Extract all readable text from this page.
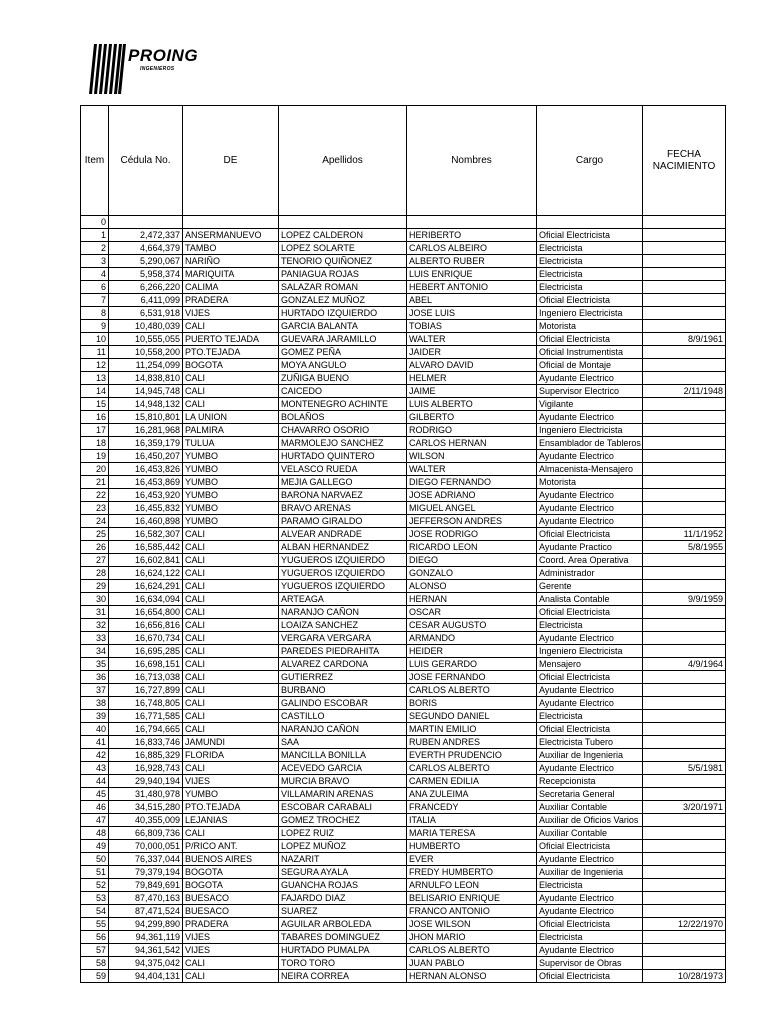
PROING
INGENIEROS
Item	Cédula No.	DE	Apellidos	Nombres	Cargo	FECHA NACIMIENTO
0						
1	2,472,337	ANSERMANUEVO	LOPEZ CALDERON	HERIBERTO	Oficial Electricista	
2	4,664,379	TAMBO	LOPEZ SOLARTE	CARLOS ALBEIRO	Electricista	
3	5,290,067	NARIÑO	TENORIO QUIÑONEZ	ALBERTO RUBER	Electricista	
4	5,958,374	MARIQUITA	PANIAGUA ROJAS	LUIS ENRIQUE	Electricista	
6	6,266,220	CALIMA	SALAZAR ROMAN	HEBERT ANTONIO	Electricista	
7	6,411,099	PRADERA	GONZALEZ MUÑOZ	ABEL	Oficial Electricista	
8	6,531,918	VIJES	HURTADO IZQUIERDO	JOSE LUIS	Ingeniero Electricista	
9	10,480,039	CALI	GARCIA BALANTA	TOBIAS	Motorista	
10	10,555,055	PUERTO TEJADA	GUEVARA JARAMILLO	WALTER	Oficial Electricista	8/9/1961
11	10,558,200	PTO.TEJADA	GOMEZ PEÑA	JAIDER	Oficial Instrumentista	
12	11,254,099	BOGOTA	MOYA ANGULO	ALVARO DAVID	Oficial de Montaje	
13	14,838,810	CALI	ZUÑIGA BUENO	HELMER	Ayudante Electrico	
14	14,945,748	CALI	CAICEDO	JAIME	Supervisor Electrico	2/11/1948
15	14,948,132	CALI	MONTENEGRO ACHINTE	LUIS ALBERTO	Vigilante	
16	15,810,801	LA UNION	BOLAÑOS	GILBERTO	Ayudante Electrico	
17	16,281,968	PALMIRA	CHAVARRO OSORIO	RODRIGO	Ingeniero Electricista	
18	16,359,179	TULUA	MARMOLEJO SANCHEZ	CARLOS HERNAN	Ensamblador de Tableros	
19	16,450,207	YUMBO	HURTADO QUINTERO	WILSON	Ayudante Electrico	
20	16,453,826	YUMBO	VELASCO RUEDA	WALTER	Almacenista-Mensajero	
21	16,453,869	YUMBO	MEJIA GALLEGO	DIEGO FERNANDO	Motorista	
22	16,453,920	YUMBO	BARONA NARVAEZ	JOSE ADRIANO	Ayudante Electrico	
23	16,455,832	YUMBO	BRAVO ARENAS	MIGUEL ANGEL	Ayudante Electrico	
24	16,460,898	YUMBO	PARAMO GIRALDO	JEFFERSON ANDRES	Ayudante Electrico	
25	16,582,307	CALI	ALVEAR ANDRADE	JOSE RODRIGO	Oficial Electricista	11/1/1952
26	16,585,442	CALI	ALBAN HERNANDEZ	RICARDO LEON	Ayudante Practico	5/8/1955
27	16,602,841	CALI	YUGUEROS IZQUIERDO	DIEGO	Coord. Area Operativa	
28	16,624,122	CALI	YUGUEROS IZQUIERDO	GONZALO	Administrador	
29	16,624,291	CALI	YUGUEROS IZQUIERDO	ALONSO	Gerente	
30	16,634,094	CALI	ARTEAGA	HERNAN	Analista Contable	9/9/1959
31	16,654,800	CALI	NARANJO CAÑON	OSCAR	Oficial Electricista	
32	16,656,816	CALI	LOAIZA SANCHEZ	CESAR AUGUSTO	Electricista	
33	16,670,734	CALI	VERGARA VERGARA	ARMANDO	Ayudante Electrico	
34	16,695,285	CALI	PAREDES PIEDRAHITA	HEIDER	Ingeniero Electricista	
35	16,698,151	CALI	ALVAREZ CARDONA	LUIS GERARDO	Mensajero	4/9/1964
36	16,713,038	CALI	GUTIERREZ	JOSE FERNANDO	Oficial Electricista	
37	16,727,899	CALI	BURBANO	CARLOS ALBERTO	Ayudante Electrico	
38	16,748,805	CALI	GALINDO ESCOBAR	BORIS	Ayudante Electrico	
39	16,771,585	CALI	CASTILLO	SEGUNDO DANIEL	Electricista	
40	16,794,665	CALI	NARANJO CAÑON	MARTIN EMILIO	Oficial Electricista	
41	16,833,746	JAMUNDI	SAA	RUBEN ANDRES	Electricista Tubero	
42	16,885,329	FLORIDA	MANCILLA BONILLA	EVERTH PRUDENCIO	Auxiliar de Ingenieria	
43	16,928,743	CALI	ACEVEDO GARCIA	CARLOS ALBERTO	Ayudante Electrico	5/5/1981
44	29,940,194	VIJES	MURCIA BRAVO	CARMEN EDILIA	Recepcionista	
45	31,480,978	YUMBO	VILLAMARIN ARENAS	ANA ZULEIMA	Secretaria General	
46	34,515,280	PTO.TEJADA	ESCOBAR CARABALI	FRANCEDY	Auxiliar Contable	3/20/1971
47	40,355,009	LEJANIAS	GOMEZ TROCHEZ	ITALIA	Auxiliar de Oficios Varios	
48	66,809,736	CALI	LOPEZ RUIZ	MARIA TERESA	Auxiliar Contable	
49	70,000,051	P/RICO ANT.	LOPEZ MUÑOZ	HUMBERTO	Oficial Electricista	
50	76,337,044	BUENOS AIRES	NAZARIT	EVER	Ayudante Electrico	
51	79,379,194	BOGOTA	SEGURA AYALA	FREDY HUMBERTO	Auxiliar de Ingenieria	
52	79,849,691	BOGOTA	GUANCHA ROJAS	ARNULFO LEON	Electricista	
53	87,470,163	BUESACO	FAJARDO DIAZ	BELISARIO ENRIQUE	Ayudante Electrico	
54	87,471,524	BUESACO	SUAREZ	FRANCO ANTONIO	Ayudante Electrico	
55	94,299,890	PRADERA	AGUILAR ARBOLEDA	JOSE WILSON	Oficial Electricista	12/22/1970
56	94,361,119	VIJES	TABARES DOMINGUEZ	JHON MARIO	Electricista	
57	94,361,542	VIJES	HURTADO PUMALPA	CARLOS ALBERTO	Ayudante Electrico	
58	94,375,042	CALI	TORO TORO	JUAN PABLO	Supervisor de Obras	
59	94,404,131	CALI	NEIRA CORREA	HERNAN ALONSO	Oficial Electricista	10/28/1973
